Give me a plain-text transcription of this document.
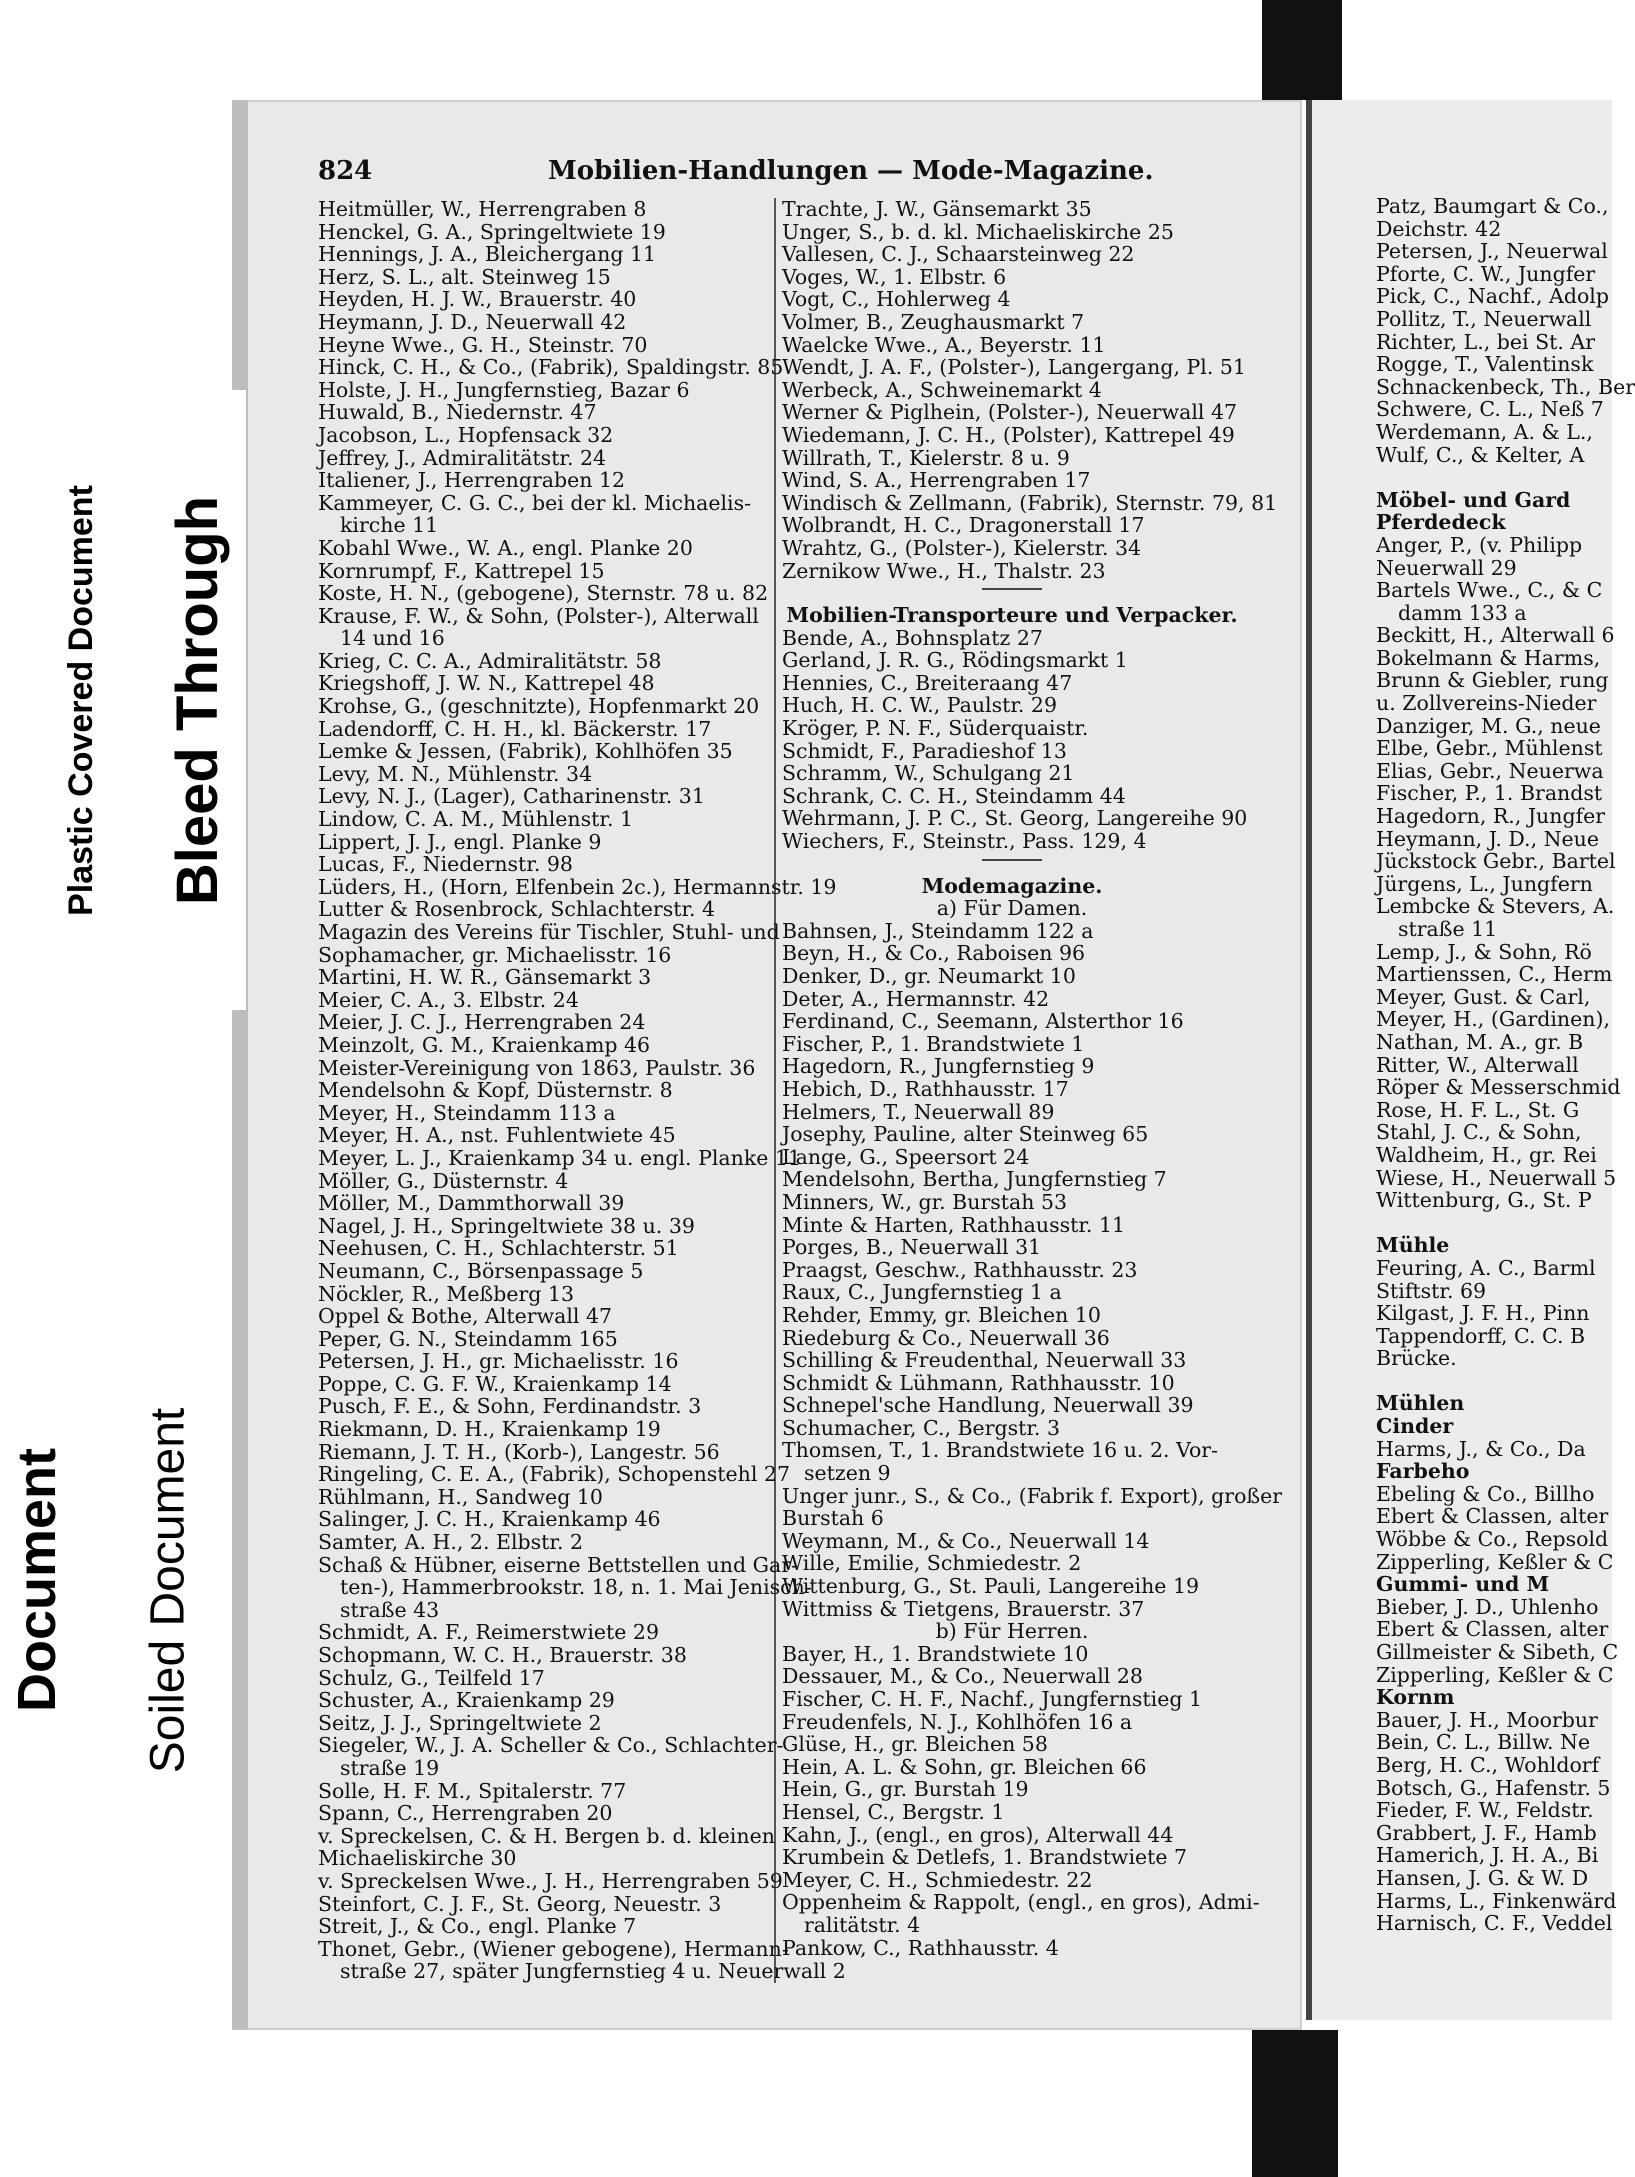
Plastic Covered Document Bleed Through
Document Soiled Document
824	Mobilien-Handlungen — Mode-Magazine.
Heitmüller, W., Herrengraben 8
Henckel, G. A., Springeltwiete 19
Hennings, J. A., Bleichergang 11
Herz, S. L., alt. Steinweg 15
Heyden, H. J. W., Brauerstr. 40
Heymann, J. D., Neuerwall 42
Heyne Wwe., G. H., Steinstr. 70
Hinck, C. H., & Co., (Fabrik), Spaldingstr. 85
Holste, J. H., Jungfernstieg, Bazar 6
Huwald, B., Niedernstr. 47
Jacobson, L., Hopfensack 32
Jeffrey, J., Admiralitätstr. 24
Italiener, J., Herrengraben 12
Kammeyer, C. G. C., bei der kl. Michaelis-
kirche 11
Kobahl Wwe., W. A., engl. Planke 20
Kornrumpf, F., Kattrepel 15
Koste, H. N., (gebogene), Sternstr. 78 u. 82
Krause, F. W., & Sohn, (Polster-), Alterwall
14 und 16
Krieg, C. C. A., Admiralitätstr. 58
Kriegshoff, J. W. N., Kattrepel 48
Krohse, G., (geschnitzte), Hopfenmarkt 20
Ladendorff, C. H. H., kl. Bäckerstr. 17
Lemke & Jessen, (Fabrik), Kohlhöfen 35
Levy, M. N., Mühlenstr. 34
Levy, N. J., (Lager), Catharinenstr. 31
Lindow, C. A. M., Mühlenstr. 1
Lippert, J. J., engl. Planke 9
Lucas, F., Niedernstr. 98
Lüders, H., (Horn, Elfenbein 2c.), Hermannstr. 19
Lutter & Rosenbrock, Schlachterstr. 4
Magazin des Vereins für Tischler, Stuhl- und
Sophamacher, gr. Michaelisstr. 16
Martini, H. W. R., Gänsemarkt 3
Meier, C. A., 3. Elbstr. 24
Meier, J. C. J., Herrengraben 24
Meinzolt, G. M., Kraienkamp 46
Meister-Vereinigung von 1863, Paulstr. 36
Mendelsohn & Kopf, Düsternstr. 8
Meyer, H., Steindamm 113 a
Meyer, H. A., nst. Fuhlentwiete 45
Meyer, L. J., Kraienkamp 34 u. engl. Planke 11
Möller, G., Düsternstr. 4
Möller, M., Dammthorwall 39
Nagel, J. H., Springeltwiete 38 u. 39
Neehusen, C. H., Schlachterstr. 51
Neumann, C., Börsenpassage 5
Nöckler, R., Meßberg 13
Oppel & Bothe, Alterwall 47
Peper, G. N., Steindamm 165
Petersen, J. H., gr. Michaelisstr. 16
Poppe, C. G. F. W., Kraienkamp 14
Pusch, F. E., & Sohn, Ferdinandstr. 3
Riekmann, D. H., Kraienkamp 19
Riemann, J. T. H., (Korb-), Langestr. 56
Ringeling, C. E. A., (Fabrik), Schopenstehl 27
Rühlmann, H., Sandweg 10
Salinger, J. C. H., Kraienkamp 46
Samter, A. H., 2. Elbstr. 2
Schaß & Hübner, eiserne Bettstellen und Gar-
ten-), Hammerbrookstr. 18, n. 1. Mai Jenisch-
straße 43
Schmidt, A. F., Reimerstwiete 29
Schopmann, W. C. H., Brauerstr. 38
Schulz, G., Teilfeld 17
Schuster, A., Kraienkamp 29
Seitz, J. J., Springeltwiete 2
Siegeler, W., J. A. Scheller & Co., Schlachter-
straße 19
Solle, H. F. M., Spitalerstr. 77
Spann, C., Herrengraben 20
v. Spreckelsen, C. & H. Bergen b. d. kleinen
Michaeliskirche 30
v. Spreckelsen Wwe., J. H., Herrengraben 59
Steinfort, C. J. F., St. Georg, Neuestr. 3
Streit, J., & Co., engl. Planke 7
Thonet, Gebr., (Wiener gebogene), Hermann-
straße 27, später Jungfernstieg 4 u. Neuerwall 2
Trachte, J. W., Gänsemarkt 35
Unger, S., b. d. kl. Michaeliskirche 25
Vallesen, C. J., Schaarsteinweg 22
Voges, W., 1. Elbstr. 6
Vogt, C., Hohlerweg 4
Volmer, B., Zeughausmarkt 7
Waelcke Wwe., A., Beyerstr. 11
Wendt, J. A. F., (Polster-), Langergang, Pl. 51
Werbeck, A., Schweinemarkt 4
Werner & Piglhein, (Polster-), Neuerwall 47
Wiedemann, J. C. H., (Polster), Kattrepel 49
Willrath, T., Kielerstr. 8 u. 9
Wind, S. A., Herrengraben 17
Windisch & Zellmann, (Fabrik), Sternstr. 79, 81
Wolbrandt, H. C., Dragonerstall 17
Wrahtz, G., (Polster-), Kielerstr. 34
Zernikow Wwe., H., Thalstr. 23
Mobilien-Transporteure und Verpacker.
Bende, A., Bohnsplatz 27
Gerland, J. R. G., Rödingsmarkt 1
Hennies, C., Breiteraang 47
Huch, H. C. W., Paulstr. 29
Kröger, P. N. F., Süderquaistr.
Schmidt, F., Paradieshof 13
Schramm, W., Schulgang 21
Schrank, C. C. H., Steindamm 44
Wehrmann, J. P. C., St. Georg, Langereihe 90
Wiechers, F., Steinstr., Pass. 129, 4
Modemagazine.
a) Für Damen.
Bahnsen, J., Steindamm 122 a
Beyn, H., & Co., Raboisen 96
Denker, D., gr. Neumarkt 10
Deter, A., Hermannstr. 42
Ferdinand, C., Seemann, Alsterthor 16
Fischer, P., 1. Brandstwiete 1
Hagedorn, R., Jungfernstieg 9
Hebich, D., Rathhausstr. 17
Helmers, T., Neuerwall 89
Josephy, Pauline, alter Steinweg 65
Lange, G., Speersort 24
Mendelsohn, Bertha, Jungfernstieg 7
Minners, W., gr. Burstah 53
Minte & Harten, Rathhausstr. 11
Porges, B., Neuerwall 31
Praagst, Geschw., Rathhausstr. 23
Raux, C., Jungfernstieg 1 a
Rehder, Emmy, gr. Bleichen 10
Riedeburg & Co., Neuerwall 36
Schilling & Freudenthal, Neuerwall 33
Schmidt & Lühmann, Rathhausstr. 10
Schnepel'sche Handlung, Neuerwall 39
Schumacher, C., Bergstr. 3
Thomsen, T., 1. Brandstwiete 16 u. 2. Vor-
setzen 9
Unger junr., S., & Co., (Fabrik f. Export), großer
Burstah 6
Weymann, M., & Co., Neuerwall 14
Wille, Emilie, Schmiedestr. 2
Wittenburg, G., St. Pauli, Langereihe 19
Wittmiss & Tietgens, Brauerstr. 37
b) Für Herren.
Bayer, H., 1. Brandstwiete 10
Dessauer, M., & Co., Neuerwall 28
Fischer, C. H. F., Nachf., Jungfernstieg 1
Freudenfels, N. J., Kohlhöfen 16 a
Glüse, H., gr. Bleichen 58
Hein, A. L. & Sohn, gr. Bleichen 66
Hein, G., gr. Burstah 19
Hensel, C., Bergstr. 1
Kahn, J., (engl., en gros), Alterwall 44
Krumbein & Detlefs, 1. Brandstwiete 7
Meyer, C. H., Schmiedestr. 22
Oppenheim & Rappolt, (engl., en gros), Admi-
ralitätstr. 4
Pankow, C., Rathhausstr. 4
Patz, Baumgart & Co.,
Deichstr. 42
Petersen, J., Neuerwal
Pforte, C. W., Jungfer
Pick, C., Nachf., Adolp
Pollitz, T., Neuerwall
Richter, L., bei St. Ar
Rogge, T., Valentinsk
Schnackenbeck, Th., Ber
Schwere, C. L., Neß 7
Werdemann, A. & L.,
Wulf, C., & Kelter, A

Möbel- und Gard
Pferdedeck
Anger, P., (v. Philipp
Neuerwall 29
Bartels Wwe., C., & C
damm 133 a
Beckitt, H., Alterwall 6
Bokelmann & Harms,
Brunn & Giebler, rung
u. Zollvereins-Nieder
Danziger, M. G., neue
Elbe, Gebr., Mühlenst
Elias, Gebr., Neuerwa
Fischer, P., 1. Brandst
Hagedorn, R., Jungfer
Heymann, J. D., Neue
Jückstock Gebr., Bartel
Jürgens, L., Jungfern
Lembcke & Stevers, A.
straße 11
Lemp, J., & Sohn, Rö
Martienssen, C., Herm
Meyer, Gust. & Carl,
Meyer, H., (Gardinen),
Nathan, M. A., gr. B
Ritter, W., Alterwall
Röper & Messerschmid
Rose, H. F. L., St. G
Stahl, J. C., & Sohn,
Waldheim, H., gr. Rei
Wiese, H., Neuerwall 5
Wittenburg, G., St. P

Mühle
Feuring, A. C., Barml
Stiftstr. 69
Kilgast, J. F. H., Pinn
Tappendorff, C. C. B
Brücke.

Mühlen
Cinder
Harms, J., & Co., Da
Farbeho
Ebeling & Co., Billho
Ebert & Classen, alter
Wöbbe & Co., Repsold
Zipperling, Keßler & C
Gummi- und M
Bieber, J. D., Uhlenho
Ebert & Classen, alter
Gillmeister & Sibeth, C
Zipperling, Keßler & C
Kornm
Bauer, J. H., Moorbur
Bein, C. L., Billw. Ne
Berg, H. C., Wohldorf
Botsch, G., Hafenstr. 5
Fieder, F. W., Feldstr.
Grabbert, J. F., Hamb
Hamerich, J. H. A., Bi
Hansen, J. G. & W. D
Harms, L., Finkenwärd
Harnisch, C. F., Veddel
